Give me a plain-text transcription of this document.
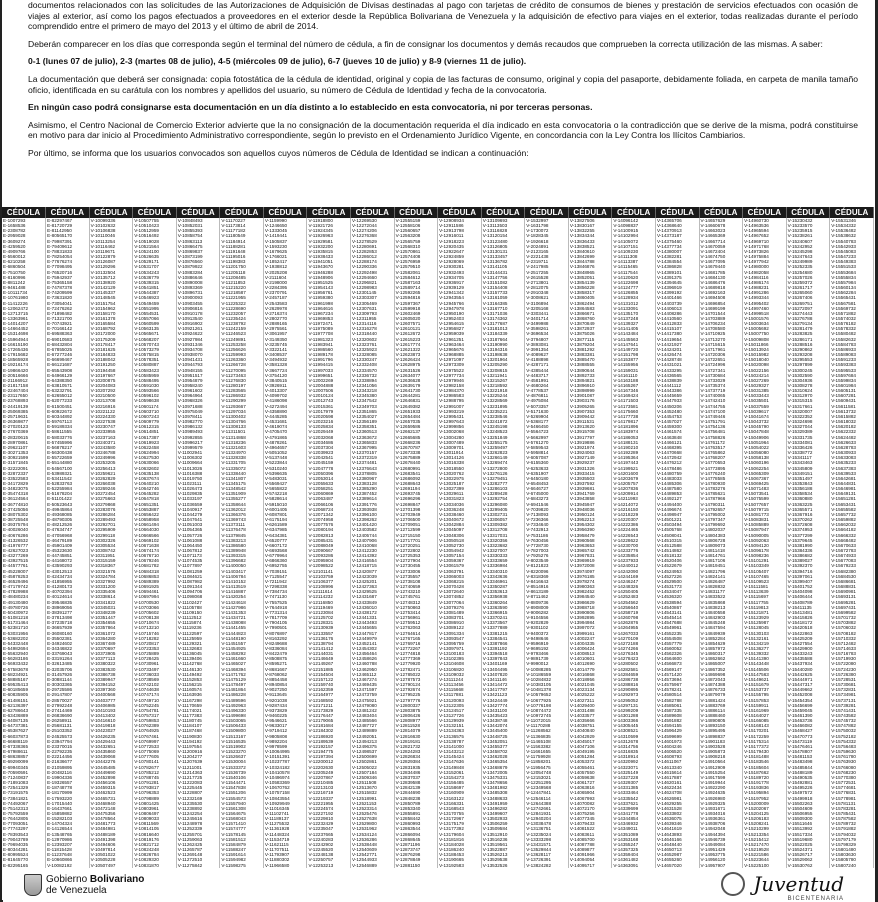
documentos relacionados con las solicitudes de las Autorizaciones de Adquisición de Divisas destinadas al pago con tarjetas de crédito de consumos de bienes y prestación de servicios efectuados con ocasión de viajes al exterior, así como los pagos efectuados a proveedores en el exterior desde la República Bolivariana de Venezuela y la adquisición de efectivo para viajes en el exterior, todas realizadas durante el período comprendido entre el primero de mayo del 2013 y el último de abril de 2014.

Deberán comparecer en los días que corresponda según el terminal del número de cédula, a fin de consignar los documentos y demás recaudos que comprueben la correcta utilización de las mismas. A saber:

0-1 (lunes 07 de julio), 2-3 (martes 08 de julio), 4-5 (miércoles 09 de julio), 6-7 (jueves 10 de julio) y 8-9 (viernes 11 de julio).

La documentación que deberá ser consignada: copia fotostática de la cédula de identidad, original y copia de las facturas de consumo, original y copia del pasaporte, debidamente foliada, en carpeta de manila tamaño oficio, identificada en su carátula con los nombres y apellidos del usuario, su número de Cédula de Identidad y fecha de la convocatoria.

En ningún caso podrá consignarse esta documentación en un día distinto a lo establecido en esta convocatoria, ni por terceras personas.

Asimismo, el Centro Nacional de Comercio Exterior advierte que la no consignación de la documentación requerida el día indicado en esta convocatoria o la contradicción que se derive de la misma, podrá constituirse en motivo para dar inicio al Procedimiento Administrativo correspondiente, según lo previsto en el Ordenamiento Jurídico Vigente, en concordancia con la Ley Contra los Ilícitos Cambiarios.

Por último, se informa que los usuarios convocados son aquellos cuyos números de Cédula de Identidad se indican a continuación:

CÉDULA	CÉDULA	CÉDULA	CÉDULA	CÉDULA	CÉDULA	CÉDULA	CÉDULA	CÉDULA	CÉDULA	CÉDULA	CÉDULA	CÉDULA	CÉDULA	CÉDULA	CÉDULA	CÉDULA	CÉDULA	CÉDULA	CÉDULA
E-1007293	E-82297467	V-10099336	V-10507755	V-10848493	V-11170227	V-1159990	V-11918800	V-12269530	V-12555159	V-12908934	V-13109693	V-1532997	V-13827506	V-14096142	V-14365706	V-14657629	V-14960730	V-15230432	V-15531346
E-1658536	E-81720729	V-10102632	V-10510423	V-10852031	V-11173814	V-1246650	V-11921726	V-12272044	V-12558106	V-12911586	V-13113503	V-1631798	V-13830167	V-14098837	V-14368640	V-14660678	V-14963536	V-15233570	V-15534332
E-2308782	E-81142950	V-10106838	V-10512959	V-10855393	V-11177182	V-1333045	V-11924345	V-12274206	V-12560657	V-12913798	V-13116828	V-1730072	V-13832255	V-14100915	V-14370913	V-14663023	V-14965594	V-15235915	V-15536482
E-2959028	E-80565170	V-10110046	V-10516492	V-10858754	V-11180549	V-1419441	V-11926963	V-12276368	V-12563208	V-12916011	V-13120154	V-1828345	V-13834344	V-14102994	V-14373187	V-14665369	V-14967652	V-15238261	V-15538632
E-3609274	E-79987391	V-10113254	V-10519028	V-10863113	V-11184914	V-1505837	V-11929581	V-12278529	V-12565759	V-12918223	V-13123480	V-1926618	V-13836433	V-14105072	V-14375460	V-14667714	V-14969710	V-15240607	V-15540783
E-4259520	E-79409612	V-10116462	V-10521564	V-10866475	V-11188281	V-1593230	V-11932200	V-12280691	V-12568310	V-12920435	V-13126805	V-2024891	V-13838521	V-14107151	V-14377734	V-14670059	V-14971768	V-15242952	V-15542933
E-4909766	E-78831833	V-10119671	V-10524100	V-10869837	V-11191648	V-1679625	V-11935815	V-12282853	V-12570861	V-12922647	V-13130131	V-2123165	V-13840610	V-14109230	V-14380007	V-14672404	V-14973826	V-15245298	V-15545083
E-5560012	E-78254054	V-10122879	V-10526635	V-10873199	V-11195016	V-1766021	V-11938433	V-12286012	V-12574408	V-12924859	V-13133457	V-2221438	V-13842699	V-14111308	V-14382281	V-14674750	V-14975884	V-15247643	V-15547233
E-6210258	E-77676274	V-10126087	V-10529171	V-10876560	V-11198383	V-1852417	V-11941051	V-12288174	V-12576959	V-12928069	V-13136782	V-2319711	V-13844788	V-14113387	V-14384554	V-14677095	V-14977942	V-15249989	V-15549383
E-6860504	E-77098495	V-10129296	V-10531707	V-10879922	V-11201750	V-1938812	V-11943670	V-12290336	V-12579510	V-12930281	V-13141105	V-2417985	V-13846876	V-14115465	V-14386828	V-14679440	V-14980000	V-15252335	V-15551533
E-7510750	E-76520716	V-10132504	V-10534243	V-10883284	V-11205118	V-2025208	V-11946288	V-12292498	V-12582061	V-12932493	V-13144431	V-2517255	V-13848965	V-14117544	V-14389101	V-14681785	V-14982058	V-15254680	V-15553684
E-8160996	E-75942937	V-10135712	V-10536779	V-10886646	V-11208485	V-2111604	V-11948906	V-12294660	V-12584612	V-12934705	V-13147756	V-2615528	V-13852051	V-14120620	V-14391375	V-14684130	V-14984116	V-15257026	V-15555834
E-8811242	E-75365158	V-10138920	V-10539315	V-10890008	V-11211853	V-2198000	V-11951525	V-12296821	V-12587163	V-12936917	V-13151082	V-2713801	V-13854139	V-14122698	V-14394645	V-14686476	V-14986174	V-15259372	V-15557984
E-9461488	E-74787378	V-10142129	V-10541851	V-10893369	V-11215220	V-2284395	V-11954143	V-12298983	V-12589714	V-12939129	V-13154408	V-2812075	V-13856228	V-14124777	V-14396919	V-14689818	V-14988231	V-15261717	V-15560134
E-10111734	E-74209599	V-10145337	V-10544387	V-10896731	V-11218587	V-2370791	V-11956761	V-12301145	V-12592265	V-12941342	V-13157733	V-2910348	V-13858317	V-14126855	V-14399192	V-14692163	V-14991286	V-15265060	V-15562284
E-10761980	E-73631820	V-10148545	V-10546923	V-10900093	V-11221955	V-2457187	V-11959380	V-12303307	V-12594816	V-12943554	V-13161059	V-3008621	V-13860405	V-14128934	V-14401466	V-14694508	V-14993344	V-15267406	V-15565431
E-11412226	E-73054041	V-10151754	V-10549459	V-10903455	V-11225322	V-2543583	V-11961998	V-12305469	V-12597367	V-12945766	V-13164385	V-3106894	V-13862494	V-14131012	V-14403739	V-14696854	V-14995402	V-15269751	V-15567581
E-12062472	E-72476262	V-10154962	V-10551995	V-10906816	V-11228690	V-2629978	V-11964616	V-12307631	V-12599918	V-12947978	V-13167710	V-3205168	V-13864583	V-14133091	V-14406013	V-14699199	V-14997460	V-15272097	V-15569732
E-12713715	E-71898482	V-10158170	V-10554531	V-10910178	V-11232057	V-2716374	V-11967234	V-12309793	V-12602469	V-12950190	V-13171036	V-3303441	V-13866671	V-14135170	V-14408286	V-14701544	V-14999518	V-15274443	V-15571882
E-13363961	E-71321700	V-10161378	V-10557066	V-10913540	V-11235424	V-2802770	V-11969853	V-12311955	V-12605020	V-12952403	V-13174362	V-3401714	V-13868760	V-14137248	V-14410560	V-14703889	V-15001576	V-15276788	V-15574032
E-14014207	E-70743921	V-10165584	V-10560599	V-10916902	V-11238792	V-2889165	V-11972471	V-12314116	V-12607571	V-12954615	V-13177687	V-3499988	V-13870849	V-14139327	V-14412833	V-14706234	V-15003634	V-15279134	V-15576182
E-14664452	E-70166142	V-10168792	V-10563135	V-10921261	V-11242159	V-2975561	V-11975089	V-12316278	V-12610121	V-12956827	V-13181013	V-3598261	V-13872937	V-14141405	V-14415107	V-14708580	V-15005692	V-15281479	V-15578332
E-15314698	E-69588363	V-10172000	V-10565671	V-10924622	V-11246523	V-3061957	V-11977708	V-12318440	V-12612672	V-12959039	V-13184339	V-3696534	V-13875026	V-14143484	V-14417380	V-14710925	V-15007750	V-15283825	V-15580482
E-15964944	E-69010583	V-10175209	V-10568207	V-10927984	V-11249891	V-3149350	V-11981323	V-12320602	V-12615223	V-12961251	V-13187664	V-3794807	V-13877115	V-14145563	V-14419654	V-14713270	V-15009808	V-15286171	V-15582632
E-16615190	E-68432804	V-10178417	V-10570743	V-10931346	V-11253258	V-3235745	V-11983941	V-12323761	V-12617774	V-12963464	V-13190990	V-3893081	V-13879204	V-14147641	V-14421927	V-14715615	V-15011866	V-15288516	V-15584783
E-17265436	E-67855025	V-10181625	V-10573279	V-10934708	V-11256626	V-3322141	V-11986560	V-12325923	V-12621322	V-12965676	V-13194316	V-3991354	V-13881292	V-14149720	V-14424201	V-14717961	V-15013924	V-15290862	V-15586933
E-17915682	E-67277246	V-10184833	V-10575815	V-10938070	V-11259993	V-3408537	V-11989178	V-12328085	V-12623873	V-12968885	V-13198638	V-4089627	V-13883381	V-14151798	V-14426474	V-14720306	V-15015982	V-15293208	V-15589083
E-18565928	E-66699467	V-10188042	V-10578351	V-10941431	V-11263360	V-3494932	V-11991796	V-12330247	V-12626424	V-12971097	V-13201964	V-4188898	V-13885470	V-14153877	V-14428748	V-14722651	V-15018040	V-15295553	V-15591233
E-19216174	E-66121687	V-10191250	V-10580887	V-10944793	V-11266728	V-3581328	V-11994415	V-12332408	V-12628975	V-12973309	V-13205290	V-4287171	V-13888555	V-14155956	V-14431021	V-14724996	V-15020098	V-15297899	V-15593383
E-19866420	E-65543908	V-10194458	V-10583423	V-10948155	V-11270095	V-3667724	V-11997033	V-12334570	V-12631526	V-12975522	V-13208615	V-4385444	V-13890644	V-14159031	V-14433295	V-14727341	V-15022156	V-15300245	V-15595533
E-20516666	E-64966129	V-10197667	V-10585959	V-10951517	V-11273463	V-3754120	V-11999651	V-12336732	V-12634077	V-12977734	V-13211941	V-4483717	V-13892733	V-14161110	V-14436565	V-14730684	V-15024214	V-15302590	V-15597684
E-21166912	E-64388350	V-10200875	V-10588495	V-10954879	V-11276830	V-3840515	V-12002269	V-12338894	V-12636628	V-12979946	V-13215267	V-4581991	V-13894821	V-14163188	V-14438839	V-14733029	V-15027269	V-15304936	V-15599834
E-21817158	E-63810571	V-10204083	V-10591030	V-10958240	V-11280197	V-3926911	V-12004888	V-12341056	V-12639179	V-12982158	V-13218592	V-4680264	V-13896910	V-14165267	V-14441112	V-14735374	V-15029327	V-15308278	V-15601984
E-22467404	E-63232791	V-10207292	V-10593566	V-10961602	V-11283565	V-4013307	V-12007506	V-12343218	V-12641730	V-12984370	V-13221918	V-4778537	V-13898999	V-14167346	V-14443386	V-14737719	V-15031385	V-15310624	V-15605131
E-23117650	E-62655012	V-10210500	V-10596102	V-10964964	V-11286932	V-4099702	V-12010124	V-12345380	V-12644281	V-12986583	V-13225244	V-4876811	V-13901087	V-14169424	V-14445659	V-14740065	V-15033443	V-15312970	V-15607281
E-23768893	E-62077233	V-10213708	V-10598638	V-10968326	V-11290299	V-4186098	V-12012743	V-12347542	V-12646831	V-12988795	V-13228569	V-4975084	V-13903176	V-14171503	V-14447933	V-14742410	V-15035501	V-15315315	V-15609431
E-24419139	E-61500451	V-10216916	V-10601174	V-10971688	V-11293667	V-4272494	V-12015361	V-12349703	V-12649382	V-12991007	V-13231895	V-5073357	V-13905265	V-14173581	V-14450206	V-14744755	V-15037559	V-15317661	V-15611581
E-25069385	E-60922672	V-10221122	V-10603710	V-10975049	V-11297034	V-4358890	V-12017979	V-12351865	V-12651933	V-12993219	V-13235221	V-5171630	V-13907353	V-14175660	V-14452480	V-14747100	V-15039617	V-15320007	V-15613732
E-25719631	E-60344892	V-10224330	V-10607243	V-10978411	V-11300402	V-4445285	V-12020598	V-12354027	V-12654484	V-12995431	V-13238546	V-5269904	V-13909442	V-14177738	V-14454753	V-14749446	V-15041674	V-15322352	V-15615882
E-26369877	E-59767113	V-10227538	V-10609779	V-10982770	V-11304766	V-4531681	V-12023216	V-12356189	V-12657035	V-12997643	V-13241872	V-5368177	V-13911531	V-14179817	V-14457027	V-14751791	V-15043732	V-15324698	V-15618032
E-27020123	E-59189334	V-10230747	V-10612315	V-10986132	V-11308133	V-4619074	V-12025834	V-12358351	V-12659586	V-12999856	V-13245198	V-5466450	V-13913620	V-14181896	V-14459300	V-14754136	V-15045790	V-15327044	V-15620182
E-27670369	E-58611555	V-10233955	V-10614851	V-10989493	V-11311501	V-4705470	V-12029449	V-12360513	V-12662137	V-13002068	V-13248523	V-5564723	V-13915708	V-14183974	V-14461574	V-14756481	V-15047848	V-15329389	V-15622332
E-28320615	E-58033776	V-10237163	V-10617387	V-10992855	V-11314868	V-4791865	V-12032068	V-12363672	V-12665685	V-13004280	V-13251849	V-5662997	V-13917797	V-14186053	V-14463848	V-14758826	V-15049906	V-15331735	V-15624482
E-28970861	E-57455996	V-10240371	V-10619923	V-10996217	V-11318236	V-4878261	V-12034686	V-12365833	V-12668236	V-13007489	V-13255175	V-5761270	V-13919886	V-14188131	V-14466121	V-14761172	V-15051964	V-15334081	V-15626633
E-29621107	E-56878217	V-10243580	V-10622458	V-10999579	V-11321603	V-4964657	V-12037304	V-12367995	V-12670787	V-13009701	V-13259497	V-5859543	V-13921974	V-14190210	V-14468395	V-14763517	V-15054022	V-15336426	V-15628783
E-30271353	E-56300438	V-10246788	V-10624994	V-11002941	V-11324970	V-5051052	V-12039923	V-12370157	V-12673338	V-13011914	V-13262823	V-5958814	V-13924063	V-14192289	V-14470668	V-14765862	V-15056080	V-15338772	V-15630933
E-30921599	E-55722659	V-10249996	V-10627530	V-11006302	V-11328338	V-5137448	V-12042541	V-12372319	V-12675889	V-13014126	V-13266149	V-6057087	V-13927149	V-14195364	V-14472942	V-14768207	V-15058138	V-15341117	V-15633083
E-31571845	E-55144880	V-10253205	V-10630066	V-11009664	V-11331705	V-5223844	V-12045159	V-12374481	V-12678440	V-13016338	V-13269474	V-6155360	V-13929237	V-14197443	V-14476212	V-14770553	V-15060196	V-15343463	V-15635233
E-32222091	E-54567100	V-10256413	V-10632602	V-11013026	V-11335072	V-5310240	V-12047778	V-12376643	V-12680991	V-13018550	V-13272800	V-6253633	V-13931326	V-14199521	V-14478486	V-14773895	V-15062254	V-15345809	V-15637383
E-32872337	E-53989321	V-10259621	V-10635138	V-11016388	V-11338440	V-5396635	V-12050396	V-12378805	V-12683541	V-13020762	V-13276126	V-6351907	V-13933415	V-14201600	V-14480759	V-14776240	V-15065309	V-15349151	V-15639533
E-33522583	E-53411542	V-10262829	V-10637674	V-11019750	V-11341807	V-5483031	V-12053014	V-12380967	V-12686092	V-13022975	V-13279451	V-6450180	V-13935503	V-14203679	V-14483033	V-14778585	V-15067367	V-15351497	V-15642681
E-34172829	E-52833763	V-10266038	V-10640210	V-11023111	V-11345175	V-5569427	V-12055633	V-12383128	V-12688643	V-13025187	V-13282777	V-6548453	V-13937592	V-14205757	V-14485306	V-14780930	V-15069425	V-15353843	V-15644831
E-34823075	E-52255984	V-10269246	V-10642746	V-11026473	V-11348542	V-5655822	V-12058251	V-12385290	V-12691194	V-13027399	V-13286103	V-6646727	V-13939681	V-14207836	V-14487580	V-14783276	V-15071483	V-15356188	V-15646981
E-35474318	E-51678204	V-10272454	V-10645282	V-11029835	V-11351909	V-5742218	V-12060869	V-12387452	V-12693745	V-13029611	V-13289428	V-6745000	V-13941769	V-14209914	V-14489853	V-14785621	V-15073541	V-15358534	V-15649131
E-36124564	E-51101422	V-10275663	V-10647818	V-11033197	V-11355277	V-5828614	V-12063487	V-12389614	V-12696296	V-13031823	V-13292754	V-6843273	V-13943858	V-14211993	V-14492127	V-14787966	V-15075599	V-15360880	V-15651281
E-36774810	E-50523643	V-10279868	V-10651351	V-11036559	V-11358644	V-5915010	V-12066106	V-12391776	V-12698847	V-13034036	V-13296080	V-6941546	V-13945947	V-14214072	V-14494400	V-14790311	V-15077657	V-15363225	V-15653431
E-37425056	E-49945864	V-10283076	V-10653887	V-11040917	V-11362012	V-6001405	V-12068724	V-12393938	V-12701398	V-13036248	V-13299405	V-7039820	V-13948036	V-14216150	V-14496674	V-14792657	V-15079715	V-15365571	V-15655582
E-38075302	E-49368085	V-10286284	V-10656422	V-11044279	V-11366376	V-6087801	V-12071342	V-12396100	V-12703949	V-13038460	V-13302731	V-7138093	V-13950124	V-14218229	V-14498947	V-14795002	V-15081773	V-15367916	V-15657732
E-38725548	E-48790305	V-10289493	V-10658958	V-11047641	V-11369743	V-6175194	V-12074958	V-12398262	V-12706500	V-13040672	V-13306057	V-7236366	V-13952213	V-14220307	V-14501221	V-14797347	V-15083831	V-15370262	V-15659882
E-39375794	E-48212526	V-10292701	V-10661494	V-11051003	V-11373111	V-6261589	V-12077576	V-12401420	V-12709051	V-13042884	V-13309382	V-7334640	V-13954302	V-14222386	V-14503494	V-14799692	V-15085889	V-15372608	V-15662032
E-40026040	E-47634747	V-10295909	V-10664030	V-11054365	V-11376478	V-6347985	V-12080194	V-12403582	V-12712599	V-13045097	V-13312708	V-7432913	V-13956390	V-14224465	V-14505768	V-14802037	V-15087947	V-15374953	V-15664182
E-40676286	E-47056968	V-10299118	V-10666566	V-11057726	V-11379845	V-6434381	V-12082813	V-12405744	V-12715150	V-13048306	V-13317031	V-7531186	V-13958479	V-14226543	V-14508041	V-14804383	V-15090005	V-15377299	V-15666332
E-41326532	E-46479189	V-10302326	V-10669102	V-11061088	V-11383213	V-6520777	V-12085431	V-12407906	V-12717701	V-13050518	V-13320356	V-7630456	V-13960568	V-14228622	V-14510315	V-14806728	V-15092063	V-15379645	V-15668482
E-41976777	E-45901409	V-10305534	V-10671638	V-11064450	V-11386580	V-6607172	V-12088049	V-12410068	V-12720251	V-13052730	V-13323682	V-7728730	V-13963653	V-14230700	V-14512588	V-14809073	V-15094120	V-15381990	V-15670633
E-42627023	E-45323630	V-10308742	V-10674174	V-11067812	V-11389948	V-6693568	V-12090667	V-12412230	V-12722802	V-13054942	V-13327007	V-7827003	V-13965742	V-14233776	V-14514862	V-14811418	V-15096178	V-15384336	V-15672783
E-43277269	E-44745851	V-10311951	V-10676710	V-11071173	V-11393315	V-6779964	V-12093286	V-12414392	V-12725353	V-13057154	V-13330333	V-7925276	V-13967831	V-14235854	V-14518132	V-14814761	V-15098236	V-15386682	V-15674933
E-43927515	E-44168072	V-10315159	V-10679246	V-11074535	V-11396682	V-6866360	V-12095904	V-12416554	V-12727904	V-13059367	V-13333659	V-8023549	V-13969919	V-14237933	V-14520406	V-14817106	V-15101291	V-15389027	V-15677083
E-44577761	E-43590293	V-10318367	V-10681782	V-11077897	V-11400050	V-6952755	V-12098522	V-12418715	V-12730455	V-13061579	V-13336984	V-8121823	V-13972008	V-14240012	V-14522679	V-14819451	V-15103349	V-15392370	V-15679233
E-45228007	E-43012513	V-10321576	V-10684318	V-11081259	V-11403417	V-7039151	V-12101141	V-12420877	V-12733006	V-13063791	V-13340310	V-8220096	V-13974097	V-14242090	V-14524953	V-14821796	V-15105407	V-15394716	V-15682380
E-45878253	E-42434734	V-10324784	V-10686853	V-11084621	V-11406784	V-7125547	V-12103759	V-12423039	V-12735557	V-13066003	V-13343636	V-8318369	V-13976185	V-14244169	V-14527226	V-14824141	V-15107465	V-15397061	V-15684530
E-46529496	E-41856955	V-10327992	V-10689389	V-11087982	V-11410152	V-7211942	V-12106377	V-12425201	V-12738108	V-13068215	V-13346961	V-8416643	V-13978274	V-14246247	V-14529500	V-14826487	V-15109523	V-15399407	V-15686681
E-47179742	E-41280173	V-10331200	V-10691925	V-11091344	V-11413519	V-7298338	V-12108996	V-12427363	V-12740659	V-13070428	V-13350287	V-8514916	V-13980363	V-14248326	V-14531773	V-14828832	V-15111581	V-15401752	V-15688831
E-47829988	E-40702394	V-10335406	V-10694461	V-11094706	V-11416887	V-7384734	V-12111614	V-12429525	V-12743210	V-13072640	V-13353613	V-8613189	V-13982452	V-14250405	V-14534047	V-14831177	V-15113639	V-15404098	V-15690981
E-48480234	E-40124614	V-10338614	V-10697994	V-11098068	V-11420254	V-7471130	V-12114232	V-12431687	V-12745761	V-13074852	V-13356938	V-8711462	V-13984540	V-14252483	V-14536320	V-14833522	V-15115697	V-15406444	V-15693131
E-49130480	E-39546835	V-10341822	V-10700530	V-11102427	V-11424618	V-7557525	V-12116850	V-12433849	V-12748312	V-13077064	V-13360264	V-8809736	V-13986629	V-14254562	V-14538594	V-14835868	V-15117755	V-15408789	V-15695281
E-49780726	E-38969056	V-10345031	V-10703066	V-11105788	V-11427986	V-7644918	V-12119469	V-12436010	V-12750863	V-13079276	V-13363590	V-8908009	V-13988718	V-14256640	V-14540867	V-14838213	V-15119813	V-15411135	V-15697431
E-50430972	E-38391277	V-10348239	V-10705602	V-11109150	V-11431353	V-7731314	V-12123084	V-12438172	V-12753414	V-13081489	V-13366915	V-9006282	V-13990806	V-14258719	V-14543141	V-14840558	V-15121871	V-15413481	V-15699582
E-51081218	E-37813498	V-10351447	V-10708138	V-11112512	V-11434721	V-7817709	V-12125702	V-12441331	V-12756961	V-13083701	V-13370241	V-9104556	V-13992895	V-14260798	V-14545414	V-14842903	V-15123929	V-15415826	V-15701732
E-51731464	E-37235718	V-10354655	V-10710674	V-11115874	V-11438088	V-7904105	V-12128321	V-12443493	V-12759512	V-13086910	V-13373567	V-9202829	V-13994984	V-14262876	V-14547688	V-14845248	V-15125987	V-15418172	V-15703882
E-52381710	E-36657939	V-10357864	V-10713210	V-11119236	V-11441455	V-7990501	V-12130939	V-12445655	V-12762063	V-13089122	V-13377889	V-9301102	V-13997072	V-14264955	V-14549961	V-14847594	V-15128045	V-15420518	V-15706032
E-53031956	E-36080160	V-10361072	V-10715746	V-11122597	V-11444823	V-8076897	V-12133557	V-12447817	V-12764614	V-13091334	V-13381215	V-9400372	V-13999161	V-14267033	V-14552235	V-14849939	V-15130103	V-15422863	V-15708182
E-53682202	E-35502381	V-10364280	V-10718282	V-11125959	V-11448190	V-8163292	V-12136176	V-12449979	V-12767165	V-13093547	V-13384541	V-9498646	V-14002247	V-14270109	V-14554508	V-14852284	V-15132161	V-15425209	V-15710332
E-54332448	E-34924602	V-10367489	V-10720817	V-11129321	V-11451557	V-8249688	V-12138794	V-12452141	V-12769716	V-13095759	V-13387866	V-9596919	V-14004335	V-14272188	V-14557779	V-14854629	V-15134219	V-15427554	V-15712482
E-54982694	E-34346822	V-10370697	V-10723353	V-11132683	V-11454925	V-8336084	V-12141412	V-12454302	V-12772267	V-13097971	V-13391192	V-9695192	V-14006424	V-14274266	V-14560052	V-14857972	V-15136277	V-15429900	V-15714633
E-55632940	E-33769043	V-10373905	V-10725889	V-11136045	V-11458292	V-8422479	V-12144031	V-12456464	V-12774818	V-13100183	V-13394518	V-9793466	V-14008513	V-14276345	V-14562326	V-14860317	V-15139332	V-15433243	V-15716783
E-56283186	E-33191264	V-10377113	V-10728425	V-11139406	V-11461660	V-8508875	V-12146649	V-12458626	V-12777369	V-13102395	V-13397843	V-9891739	V-14010601	V-14278423	V-14564600	V-14862662	V-15141390	V-15435588	V-15719930
E-56933432	E-32613485	V-10380322	V-10730961	V-11142768	V-11465027	V-8595271	V-12149267	V-12460788	V-12779920	V-13104608	V-13401169	V-9990012	V-14012690	V-14280502	V-14566873	V-14865007	V-15143448	V-15437934	V-15722080
E-57583678	E-32035706	V-10383530	V-10733497	V-11146130	V-11468394	V-8681667	V-12151885	V-12462950	V-12782471	V-13106820	V-13404495	V-10088285	V-14014779	V-14282581	V-14569147	V-14867352	V-15145506	V-15440280	V-15724230
E-58234921	E-31457926	V-10386738	V-10736033	V-11149492	V-11471762	V-8768062	V-12154504	V-12465112	V-12785022	V-13109032	V-13407820	V-10186559	V-14016868	V-14284659	V-14571420	V-14869698	V-15147563	V-15442625	V-15726380
E-58885167	E-30881144	V-10389947	V-10738569	V-11152853	V-11475129	V-8854458	V-12157122	V-12467274	V-12787573	V-13111244	V-13411146	V-10284832	V-14018956	V-14286738	V-14573694	V-14872043	V-15149621	V-15444971	V-15728531
E-59535413	E-30303365	V-10394152	V-10742102	V-11156215	V-11478497	V-8940854	V-12159740	V-12469435	V-12790124	V-13113456	V-13414472	V-10383105	V-14021045	V-14288816	V-14575967	V-14874388	V-15151679	V-15447317	V-15730681
E-60185659	E-29725586	V-10397360	V-10744638	V-11160574	V-11481864	V-9027250	V-12162359	V-12471597	V-12792674	V-13115668	V-13417797	V-10481378	V-14023134	V-14290895	V-14578241	V-14876733	V-15153737	V-15449662	V-15732831
E-60835905	E-29147807	V-10400568	V-10747174	V-11163936	V-11486228	V-9113645	V-12164977	V-12473759	V-12795225	V-13117881	V-13421123	V-10579652	V-14025222	V-14292973	V-14580514	V-14879079	V-15155795	V-15452008	V-15734981
E-61486151	E-28570027	V-10403777	V-10749710	V-11167298	V-11489596	V-9201038	V-12168592	V-12475921	V-12797776	V-13120093	V-13424449	V-10677925	V-14027311	V-14295052	V-14582788	V-14881424	V-15157853	V-15454354	V-15737131
E-62136397	E-27992248	V-10406985	V-10752245	V-11170659	V-11492963	V-9287434	V-12171211	V-12479080	V-12800327	V-13122305	V-13427774	V-10776198	V-14029400	V-14297131	V-14585061	V-14883769	V-15159911	V-15456699	V-15739281
E-62786643	E-27414469	V-10410193	V-10754781	V-11174021	V-11496330	V-9373829	V-12173829	V-12481242	V-12803875	V-13124517	V-13431100	V-10874472	V-14031488	V-14299209	V-14587335	V-14886114	V-15161969	V-15459045	V-15741431
E-63436889	E-26836690	V-10413402	V-10757317	V-11177383	V-11499698	V-9460225	V-12176447	V-12483404	V-12806426	V-13127726	V-13435423	V-10972745	V-14033577	V-14301288	V-14589608	V-14888460	V-15164027	V-15461390	V-15743582
E-64087135	E-26258911	V-10416610	V-10759853	V-11180745	V-11503065	V-9546621	V-12179065	V-12485566	V-12808977	V-13129939	V-13438748	V-11072015	V-14035666	V-14303366	V-14591882	V-14890805	V-15166085	V-15463736	V-15745732
E-64737381	E-25681131	V-10419818	V-10762389	V-11184107	V-11506433	V-9633017	V-12181684	V-12487727	V-12811528	V-13132151	V-13442074	V-11170288	V-14038751	V-14305445	V-14594155	V-14893150	V-15168143	V-15466082	V-15747882
E-65387627	E-25103352	V-10423027	V-10764925	V-11187468	V-11509800	V-9719412	V-12184302	V-12489889	V-12814079	V-13134363	V-13445400	V-11268562	V-14040840	V-14308521	V-14596429	V-14895495	V-15170201	V-15468427	V-15750032
E-66037873	E-24525573	V-10426235	V-10767461	V-11190830	V-11513167	V-9805808	V-12186920	V-12492051	V-12816630	V-13136575	V-13448725	V-11366835	V-14042929	V-14310599	V-14599699	V-14898837	V-15172259	V-15470773	V-15752182
E-66688119	E-23947794	V-10429443	V-10769997	V-11194192	V-11516535	V-9892204	V-12189539	V-12494213	V-12819181	V-13138787	V-13452051	V-11465108	V-14045017	V-14312678	V-14601973	V-14901183	V-15175314	V-15473119	V-15754332
E-67338365	E-23370015	V-10432651	V-10772533	V-11197554	V-11519902	V-9978599	V-12192157	V-12496375	V-12821732	V-13141000	V-13455377	V-11563382	V-14047106	V-14314756	V-14604246	V-14903528	V-15177372	V-15476461	V-15756483
E-67988611	E-22792235	V-10435860	V-10775069	V-11200916	V-11523270	V-10064995	V-12194775	V-12498537	V-12824283	V-13143212	V-13458702	V-11661655	V-14049195	V-14316835	V-14606520	V-14905873	V-15179430	V-15478807	V-15759630
E-68638857	E-22214456	V-10439068	V-10777605	V-11204277	V-11526637	V-10151391	V-12197394	V-12500699	V-12826834	V-13145424	V-13462028	V-11759928	V-14051284	V-14318914	V-14608793	V-14908218	V-15181488	V-15481153	V-15761780
E-69290099	E-21636677	V-10442276	V-10780141	V-11207639	V-11530004	V-10237787	V-12200012	V-12502861	V-12829384	V-13147636	V-13465354	V-11858201	V-14053372	V-14320992	V-14611067	V-14910564	V-15183546	V-15483498	V-15763930
E-69940345	E-21059895	V-10445485	V-10782677	V-11211001	V-11533372	V-10324182	V-12202630	V-12505022	V-12831935	V-13149848	V-13468679	V-11956475	V-14055461	V-14323071	V-14613340	V-14912909	V-15185604	V-15485844	V-15766080
E-70590591	E-20482116	V-10449690	V-10785212	V-11214363	V-11536739	V-10410578	V-12205249	V-12507184	V-12834486	V-13152061	V-13472005	V-12054748	V-14057550	V-14325149	V-14615614	V-14915254	V-15187662	V-15488189	V-15768230
E-71240837	E-19904336	V-10452898	V-10788745	V-11217725	V-11540106	V-10496974	V-12207867	V-12509346	V-12837037	V-13154273	V-13475331	V-12153021	V-14059638	V-14327228	V-14617887	V-14917599	V-15189720	V-15490535	V-15770380
E-71891083	E-19326557	V-10456106	V-10791281	V-11222083	V-11544471	V-10583369	V-12210485	V-12511508	V-12839588	V-13156485	V-13478656	V-12251295	V-14061727	V-14329307	V-14620161	V-14919944	V-15191778	V-15492881	V-15772531
E-72541329	E-18748778	V-10459315	V-10793817	V-11225445	V-11547838	V-10670762	V-12213103	V-12513670	V-12842139	V-13158697	V-13481982	V-12349568	V-14063816	V-14331385	V-14622434	V-14922290	V-15193836	V-15495226	V-15774681
E-73191575	E-18170999	V-10462523	V-10796353	V-11228807	V-11551206	V-10757158	V-12216719	V-12515832	V-12844690	V-13160909	V-13485308	V-12447841	V-14065904	V-14333464	V-14624708	V-14924635	V-15195894	V-15497572	V-15776831
E-73841821	E-17593220	V-10465731	V-10798889	V-11232169	V-11554573	V-10843554	V-12219337	V-12518991	V-12848238	V-13163122	V-13488633	V-12546114	V-14067993	V-14335542	V-14626981	V-14926980	V-15197952	V-15499918	V-15778981
E-74492067	E-17015440	V-10468940	V-10801425	V-11235530	V-11557940	V-10929949	V-12221955	V-12521153	V-12850789	V-13166331	V-13491959	V-12644388	V-14070082	V-14337621	V-14629255	V-14929325	V-15200009	V-15502263	V-15781131
E-75142313	E-16437661	V-10472148	V-10803961	V-11238892	V-11561308	V-11016345	V-12224574	V-12523314	V-12853340	V-13168543	V-13496282	V-12742661	V-14072170	V-14339699	V-14631528	V-14931671	V-15202067	V-15504609	V-15783281
E-75792559	E-15859882	V-10475356	V-10806497	V-11242254	V-11564675	V-11102741	V-12227192	V-12525476	V-12855891	V-13170755	V-13499607	V-12841931	V-14075256	V-14341778	V-14633802	V-14934016	V-15204125	V-15506955	V-15785431
E-76442805	E-15282103	V-10478564	V-10809033	V-11245616	V-11568043	V-11189137	V-12229810	V-12527638	V-12858442	V-13172967	V-13502933	V-12940204	V-14077345	V-14344854	V-14636075	V-14936361	V-15206183	V-15509300	V-15787582
E-77093051	E-14704324	V-10481773	V-10811569	V-11248978	V-11571410	V-11275532	V-12232429	V-12529800	V-12860993	V-13175179	V-13506259	V-13038478	V-14079433	V-14346932	V-14639346	V-14938706	V-15208241	V-15511646	V-15789732
E-77743297	E-14126544	V-10484981	V-10814105	V-11252339	V-11574777	V-11361928	V-12235047	V-12531962	V-12863544	V-13177392	V-13509584	V-13136751	V-14081522	V-14349011	V-14641619	V-14942048	V-15210299	V-15513992	V-15791882
E-78393543	E-13548765	V-10488189	V-10816640	V-11255701	V-11578145	V-11448324	V-12237665	V-12534124	V-12866094	V-13179604	V-13512910	V-13235024	V-14083611	V-14351089	V-14643893	V-14944394	V-15213354	V-15517334	V-15794032
E-79043789	E-12970986	V-10491398	V-10819176	V-11259063	V-11581512	V-11534719	V-12240283	V-12536286	V-12868645	V-13181816	V-13516236	V-13333298	V-14085700	V-14353168	V-14646166	V-14946739	V-15215412	V-15519680	V-15797179
E-79694035	E-12393207	V-10494606	V-10821712	V-11262425	V-11584879	V-11621115	V-12242902	V-12538448	V-12871196	V-13184028	V-13519561	V-13431571	V-14087788	V-14355247	V-14648440	V-14949084	V-15217470	V-15522025	V-15799329
E-80344281	E-11815428	V-10497814	V-10824248	V-11265787	V-11588247	V-11707511	V-12245520	V-12540609	V-12873747	V-13186240	V-13522887	V-13529844	V-14089877	V-14357325	V-14650713	V-14951429	V-15219528	V-15524371	V-15801480
E-80995524	E-11237648	V-10501022	V-10826784	V-11269148	V-11591614	V-11793907	V-12248138	V-12542771	V-12876298	V-13188453	V-13526213	V-13628117	V-14091966	V-14359404	V-14652987	V-14953775	V-15221586	V-15526717	V-15803630
E-81645770	E-10660866	V-10505228	V-10829320	V-11272510	V-11594982	V-11880302	V-12250757	V-12544933	V-12878849	V-13190665	V-13529538	V-13726391	V-14094054	V-14361482	V-14655260	V-14956120	V-15223644	V-15529062	V-15805780
E-82295165	V-10082192	V-10507497	V-10831870	V-11275842	V-11598275	V-11966580	V-12253213	V-12546889	V-12881150	V-13192583	V-13532526	V-13824282	V-14095717	V-14363091	V-14657020	V-14957907	V-15225100	V-15530762	V-15807240
Gobierno Bolivariano
de Venezuela	Juventud
BICENTENARIA
